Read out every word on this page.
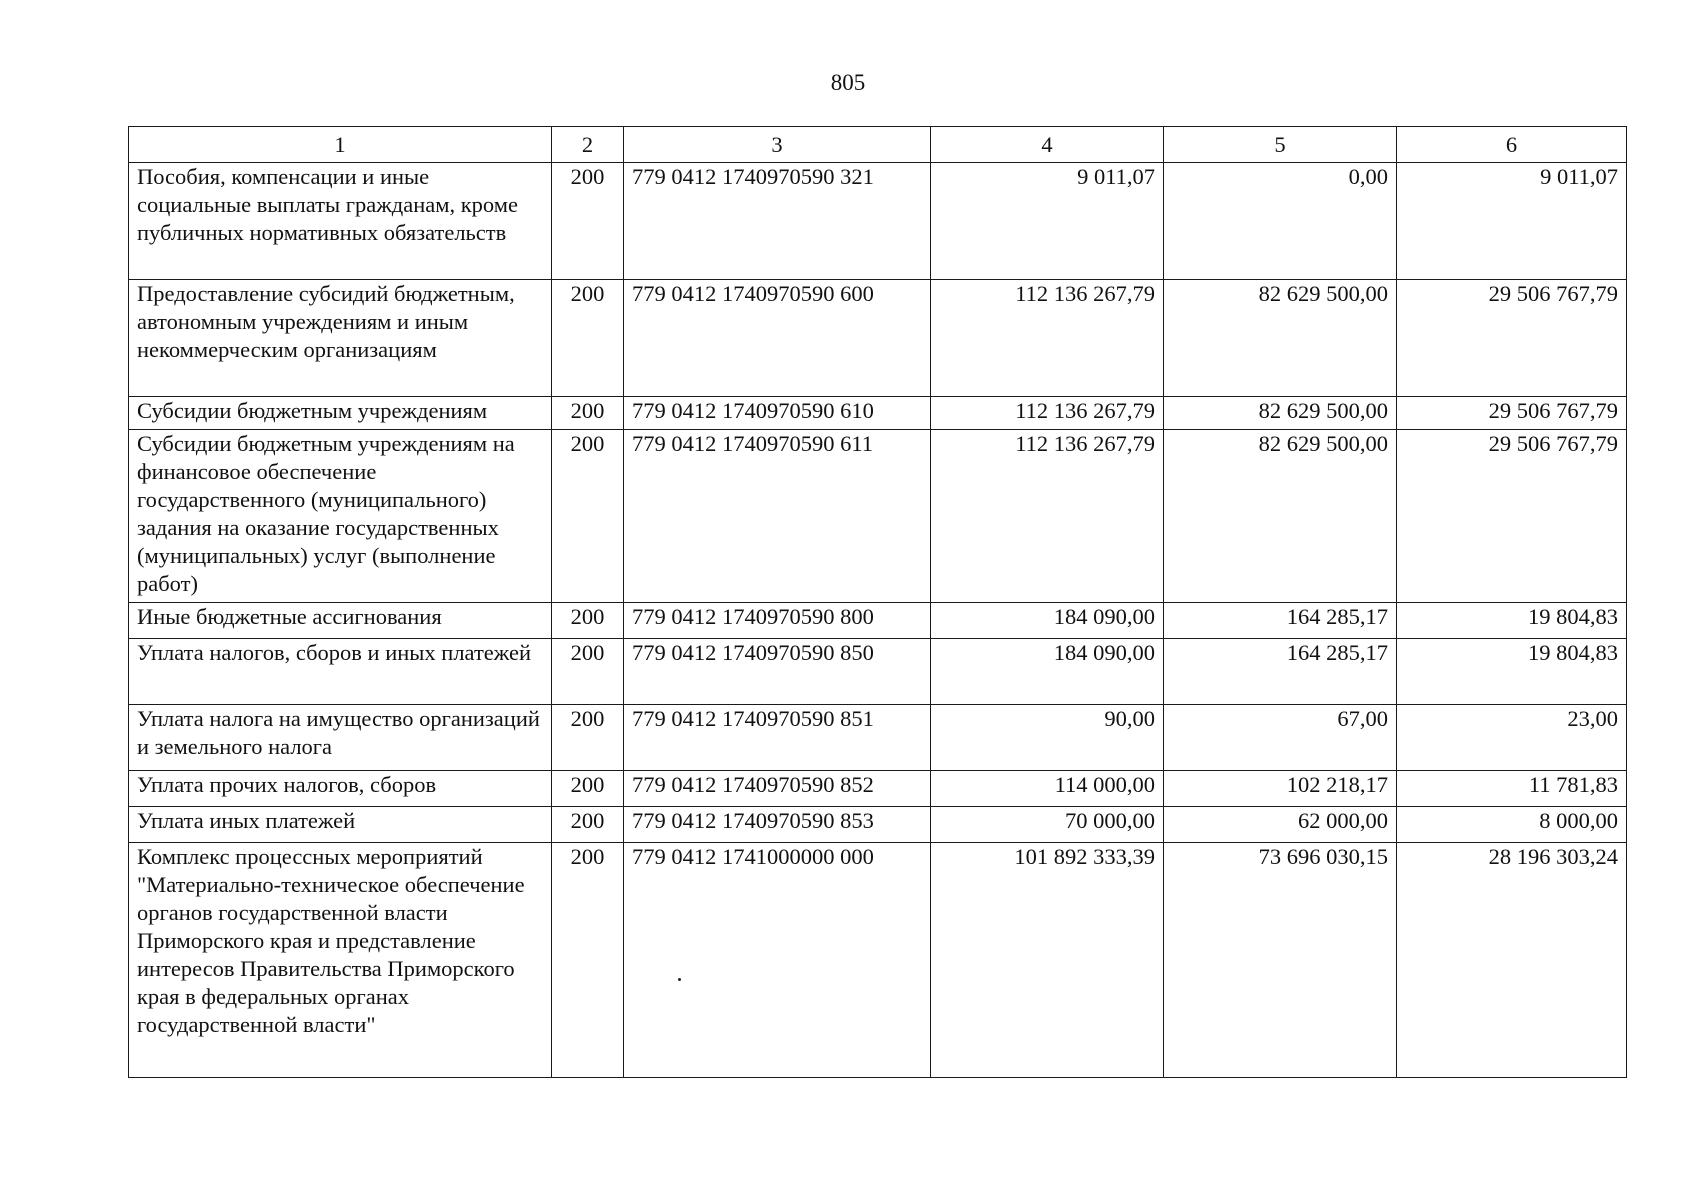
805
1	2	3	4	5	6
Пособия, компенсации и иные социальные выплаты гражданам, кроме публичных нормативных обязательств	200	779 0412 1740970590 321	9 011,07	0,00	9 011,07
Предоставление субсидий бюджетным, автономным учреждениям и иным некоммерческим организациям	200	779 0412 1740970590 600	112 136 267,79	82 629 500,00	29 506 767,79
Субсидии бюджетным учреждениям	200	779 0412 1740970590 610	112 136 267,79	82 629 500,00	29 506 767,79
Субсидии бюджетным учреждениям на финансовое обеспечение государственного (муниципального) задания на оказание государственных (муниципальных) услуг (выполнение работ)	200	779 0412 1740970590 611	112 136 267,79	82 629 500,00	29 506 767,79
Иные бюджетные ассигнования	200	779 0412 1740970590 800	184 090,00	164 285,17	19 804,83
Уплата налогов, сборов и иных платежей	200	779 0412 1740970590 850	184 090,00	164 285,17	19 804,83
Уплата налога на имущество организаций и земельного налога	200	779 0412 1740970590 851	90,00	67,00	23,00
Уплата прочих налогов, сборов	200	779 0412 1740970590 852	114 000,00	102 218,17	11 781,83
Уплата иных платежей	200	779 0412 1740970590 853	70 000,00	62 000,00	8 000,00
Комплекс процессных мероприятий "Материально-техническое обеспечение органов государственной власти Приморского края и представление интересов Правительства Приморского края в федеральных органах государственной власти"	200	779 0412 1741000000 000	101 892 333,39	73 696 030,15	28 196 303,24
